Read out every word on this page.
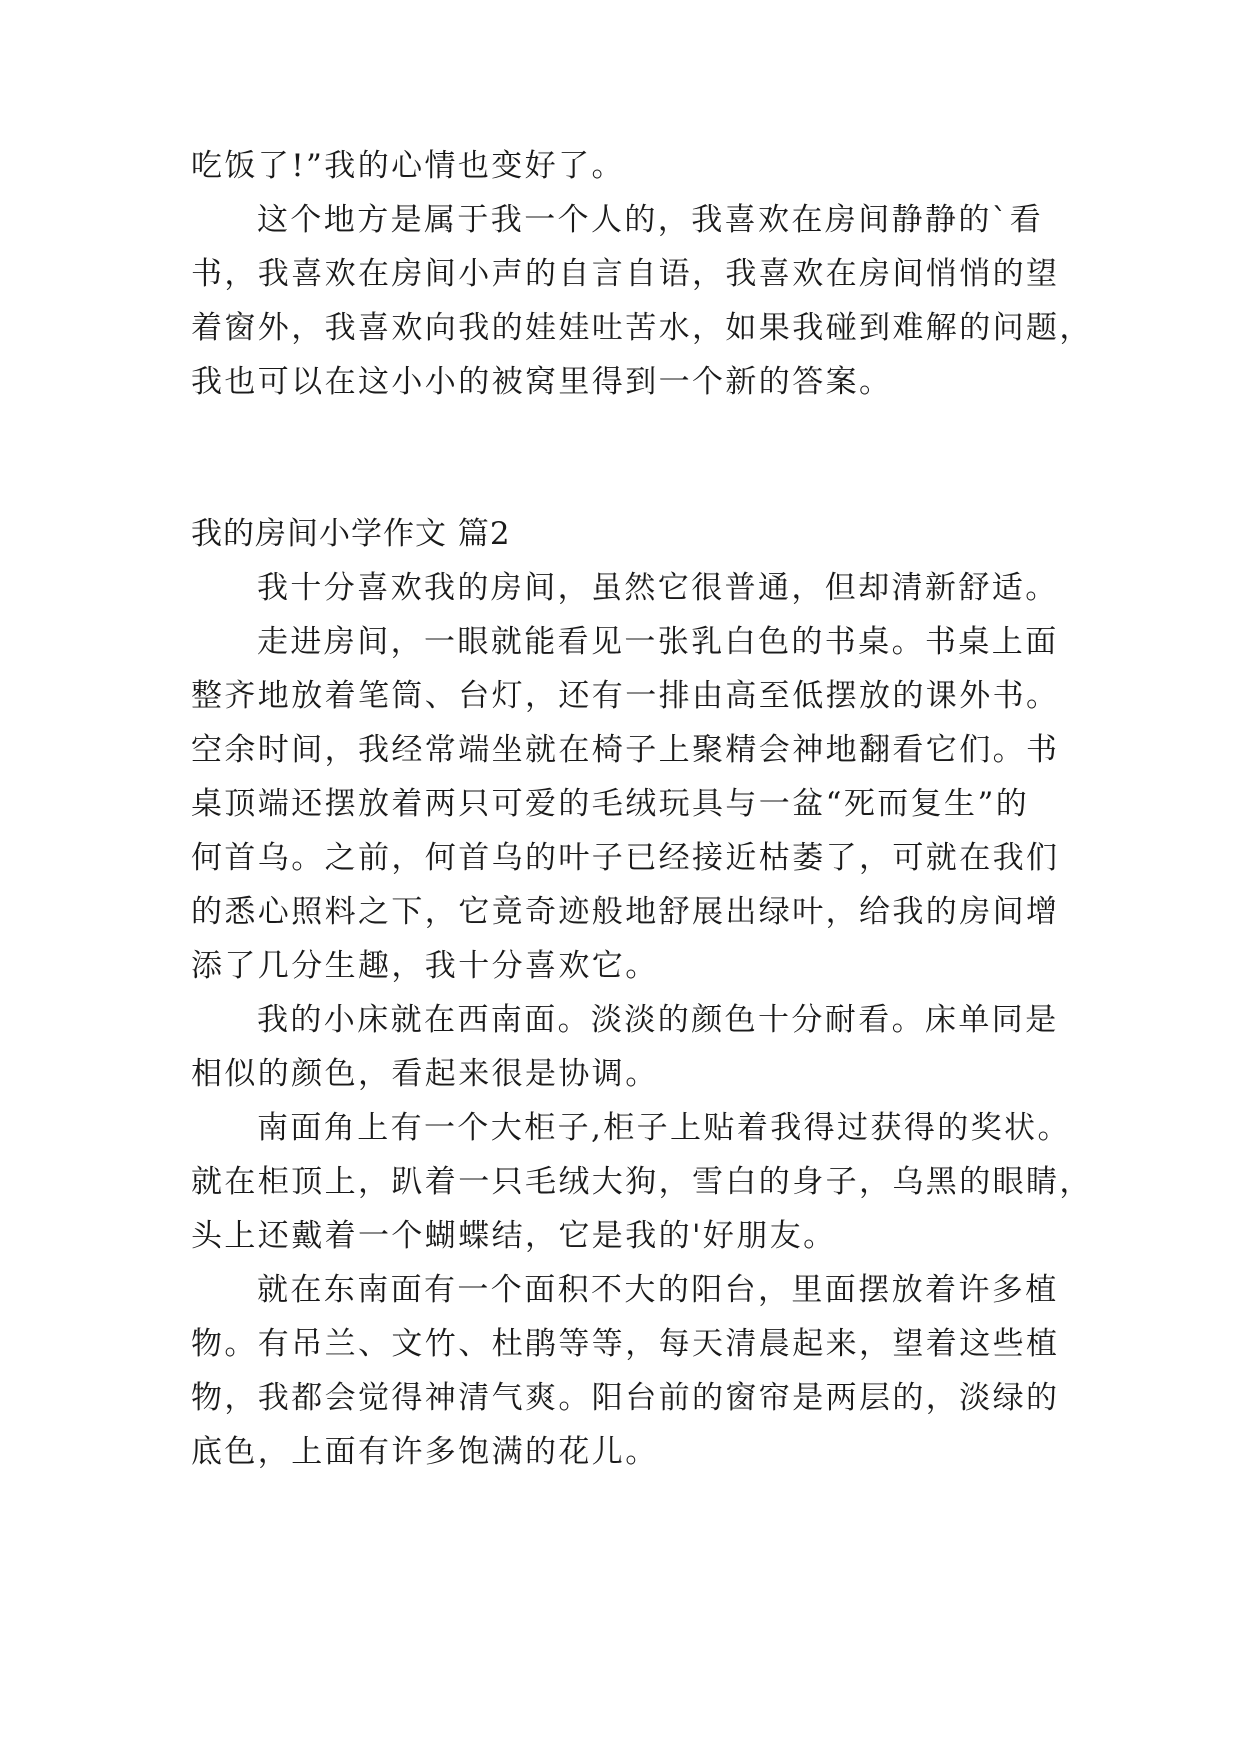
吃饭了!”我的心情也变好了。
这个地方是属于我一个人的，我喜欢在房间静静的`看
书，我喜欢在房间小声的自言自语，我喜欢在房间悄悄的望
着窗外，我喜欢向我的娃娃吐苦水，如果我碰到难解的问题，
我也可以在这小小的被窝里得到一个新的答案。
我的房间小学作文 篇2
我十分喜欢我的房间，虽然它很普通，但却清新舒适。
走进房间，一眼就能看见一张乳白色的书桌。书桌上面
整齐地放着笔筒、台灯，还有一排由高至低摆放的课外书。
空余时间，我经常端坐就在椅子上聚精会神地翻看它们。书
桌顶端还摆放着两只可爱的毛绒玩具与一盆“死而复生”的
何首乌。之前，何首乌的叶子已经接近枯萎了，可就在我们
的悉心照料之下，它竟奇迹般地舒展出绿叶，给我的房间增
添了几分生趣，我十分喜欢它。
我的小床就在西南面。淡淡的颜色十分耐看。床单同是
相似的颜色，看起来很是协调。
南面角上有一个大柜子,柜子上贴着我得过获得的奖状。
就在柜顶上，趴着一只毛绒大狗，雪白的身子，乌黑的眼睛，
头上还戴着一个蝴蝶结，它是我的'好朋友。
就在东南面有一个面积不大的阳台，里面摆放着许多植
物。有吊兰、文竹、杜鹃等等，每天清晨起来，望着这些植
物，我都会觉得神清气爽。阳台前的窗帘是两层的，淡绿的
底色，上面有许多饱满的花儿。
